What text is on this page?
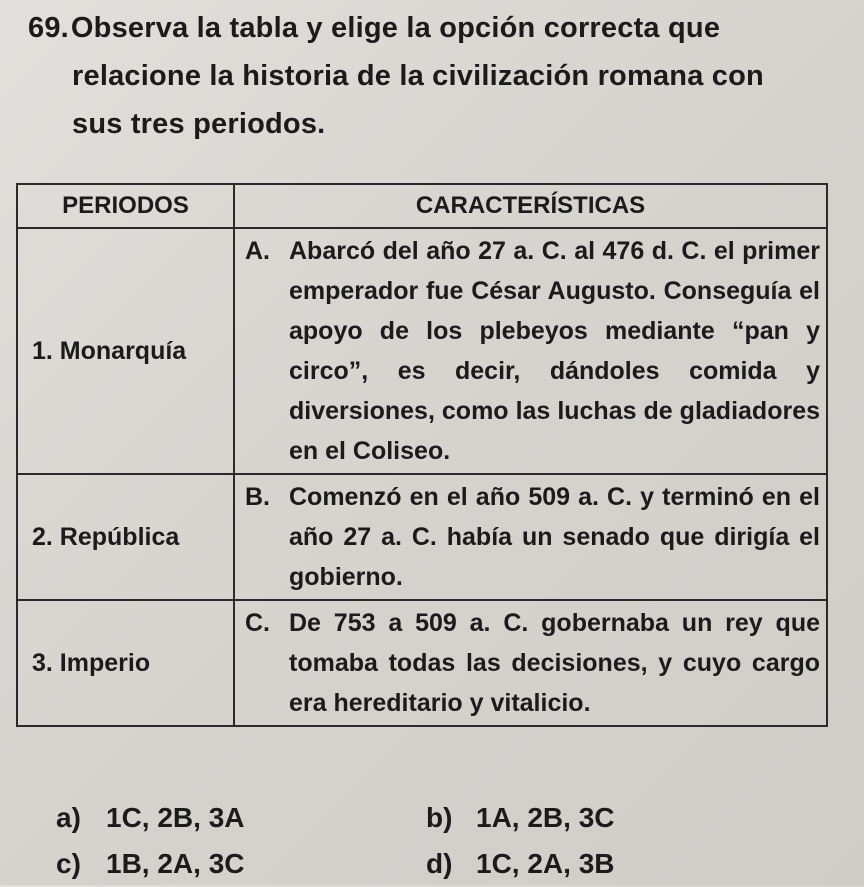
69.Observa la tabla y elige la opción correcta que
relacione la historia de la civilización romana con
sus tres periodos.
PERIODOS	CARACTERÍSTICAS
1. Monarquía	A. Abarcó del año 27 a. C. al 476 d. C. el primer emperador fue César Augusto. Conseguía el apoyo de los plebeyos mediante “pan y circo”, es decir, dándoles comida y diversiones, como las luchas de gladiadores en el Coliseo.

2. República	B. Comenzó en el año 509 a. C. y terminó en el año 27 a. C. había un senado que dirigía el gobierno.

3. Imperio	C. De 753 a 509 a. C. gobernaba un rey que tomaba todas las decisiones, y cuyo cargo era hereditario y vitalicio.
a) 1C, 2B, 3A	b) 1A, 2B, 3C
c) 1B, 2A, 3C	d) 1C, 2A, 3B
